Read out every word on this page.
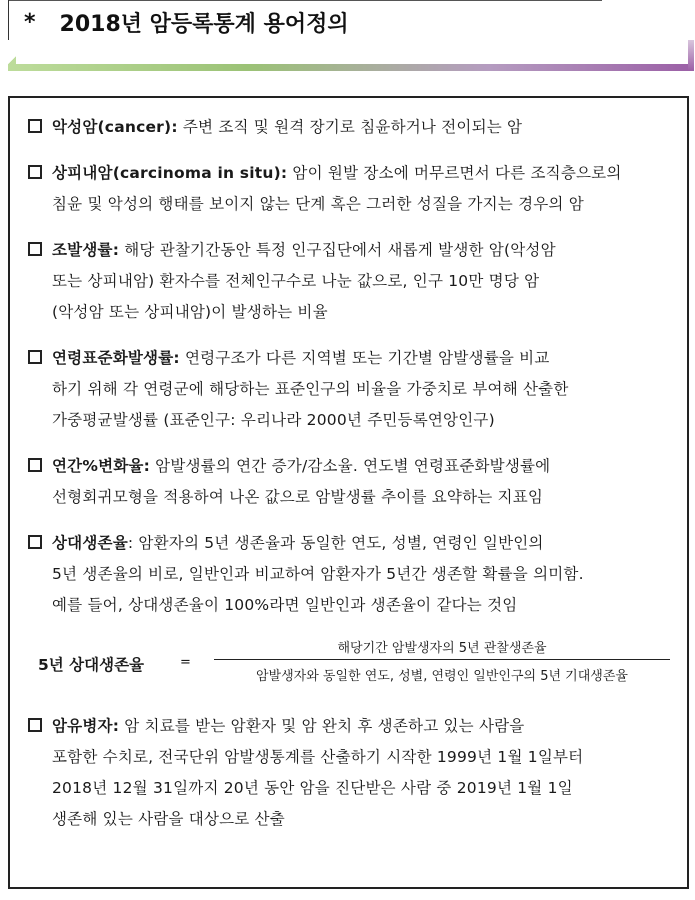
* 2018년 암등록통계 용어정의
악성암(cancer): 주변 조직 및 원격 장기로 침윤하거나 전이되는 암
상피내암(carcinoma in situ): 암이 원발 장소에 머무르면서 다른 조직층으로의
침윤 및 악성의 행태를 보이지 않는 단계 혹은 그러한 성질을 가지는 경우의 암
조발생률: 해당 관찰기간동안 특정 인구집단에서 새롭게 발생한 암(악성암
또는 상피내암) 환자수를 전체인구수로 나눈 값으로, 인구 10만 명당 암
(악성암 또는 상피내암)이 발생하는 비율
연령표준화발생률: 연령구조가 다른 지역별 또는 기간별 암발생률을 비교
하기 위해 각 연령군에 해당하는 표준인구의 비율을 가중치로 부여해 산출한
가중평균발생률 (표준인구: 우리나라 2000년 주민등록연앙인구)
연간%변화율: 암발생률의 연간 증가/감소율. 연도별 연령표준화발생률에
선형회귀모형을 적용하여 나온 값으로 암발생률 추이를 요약하는 지표임
상대생존율: 암환자의 5년 생존율과 동일한 연도, 성별, 연령인 일반인의
5년 생존율의 비로, 일반인과 비교하여 암환자가 5년간 생존할 확률을 의미함.
예를 들어, 상대생존율이 100%라면 일반인과 생존율이 같다는 것임
5년 상대생존율	=
해당기간 암발생자의 5년 관찰생존율
암발생자와 동일한 연도, 성별, 연령인 일반인구의 5년 기대생존율
암유병자: 암 치료를 받는 암환자 및 암 완치 후 생존하고 있는 사람을
포함한 수치로, 전국단위 암발생통계를 산출하기 시작한 1999년 1월 1일부터
2018년 12월 31일까지 20년 동안 암을 진단받은 사람 중 2019년 1월 1일
생존해 있는 사람을 대상으로 산출
